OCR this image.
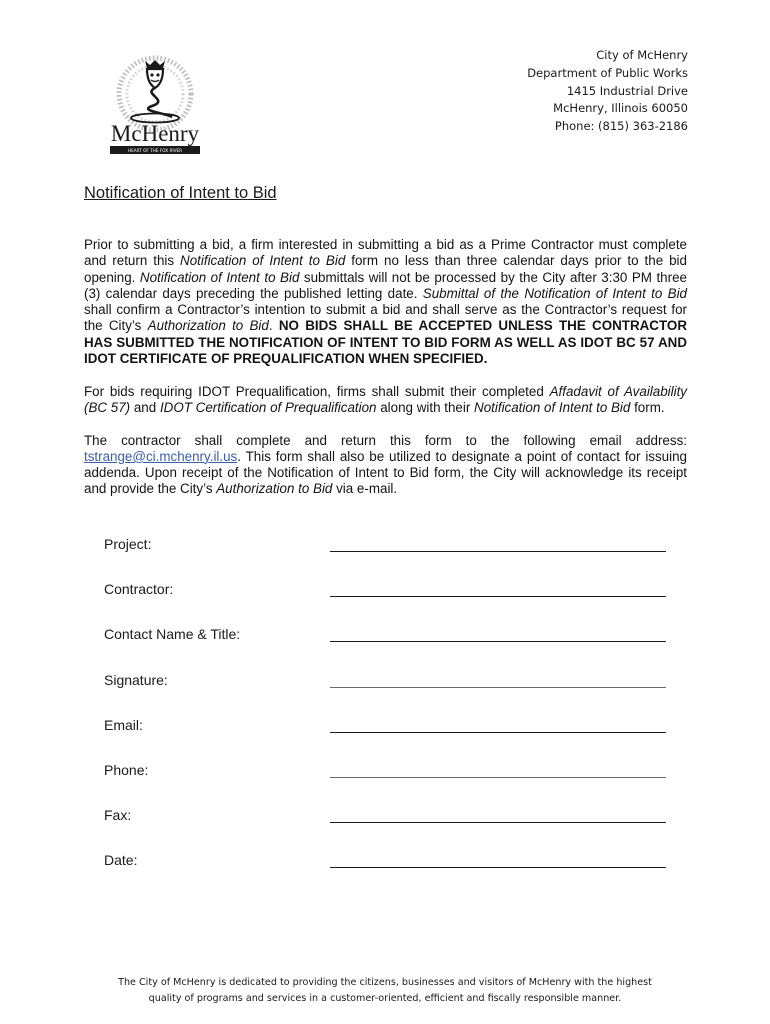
McHenry
HEART OF THE FOX RIVER
City of McHenry
Department of Public Works
1415 Industrial Drive
McHenry, Illinois 60050
Phone: (815) 363-2186
Notification of Intent to Bid

Prior to submitting a bid, a firm interested in submitting a bid as a Prime Contractor must complete and return this Notification of Intent to Bid form no less than three calendar days prior to the bid opening. Notification of Intent to Bid submittals will not be processed by the City after 3:30 PM three (3) calendar days preceding the published letting date. Submittal of the Notification of Intent to Bid shall confirm a Contractor’s intention to submit a bid and shall serve as the Contractor’s request for the City’s Authorization to Bid. NO BIDS SHALL BE ACCEPTED UNLESS THE CONTRACTOR HAS SUBMITTED THE NOTIFICATION OF INTENT TO BID FORM AS WELL AS IDOT BC 57 AND IDOT CERTIFICATE OF PREQUALIFICATION WHEN SPECIFIED.

For bids requiring IDOT Prequalification, firms shall submit their completed Affadavit of Availability (BC 57) and IDOT Certification of Prequalification along with their Notification of Intent to Bid form.

The contractor shall complete and return this form to the following email address: tstrange@ci.mchenry.il.us. This form shall also be utilized to designate a point of contact for issuing addenda. Upon receipt of the Notification of Intent to Bid form, the City will acknowledge its receipt and provide the City’s Authorization to Bid via e-mail.

Project:
Contractor:
Contact Name & Title:
Signature:
Email:
Phone:
Fax:
Date:
The City of McHenry is dedicated to providing the citizens, businesses and visitors of McHenry with the highest
quality of programs and services in a customer-oriented, efficient and fiscally responsible manner.
